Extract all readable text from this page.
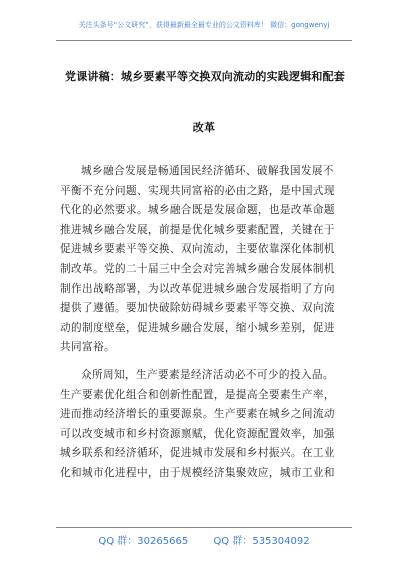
关注头条号“公文研究”，获得最新最全最专业的公文资料库！ 微信：gongwenyj
党课讲稿：城乡要素平等交换双向流动的实践逻辑和配套
改革
城乡融合发展是畅通国民经济循环、破解我国发展不
平衡不充分问题、实现共同富裕的必由之路，是中国式现
代化的必然要求。城乡融合既是发展命题，也是改革命题
推进城乡融合发展，前提是优化城乡要素配置，关键在于
促进城乡要素平等交换、双向流动，主要依靠深化体制机
制改革。党的二十届三中全会对完善城乡融合发展体制机
制作出战略部署，为以改革促进城乡融合发展指明了方向
提供了遵循。要加快破除妨碍城乡要素平等交换、双向流
动的制度壁垒，促进城乡融合发展，缩小城乡差别，促进
共同富裕。
众所周知，生产要素是经济活动必不可少的投入品。
生产要素优化组合和创新性配置，是提高全要素生产率，
进而推动经济增长的重要源泉。生产要素在城乡之间流动
可以改变城市和乡村资源禀赋，优化资源配置效率，加强
城乡联系和经济循环，促进城市发展和乡村振兴。在工业
化和城市化进程中，由于规模经济集聚效应，城市工业和
QQ 群：30265665	QQ 群：535304092
